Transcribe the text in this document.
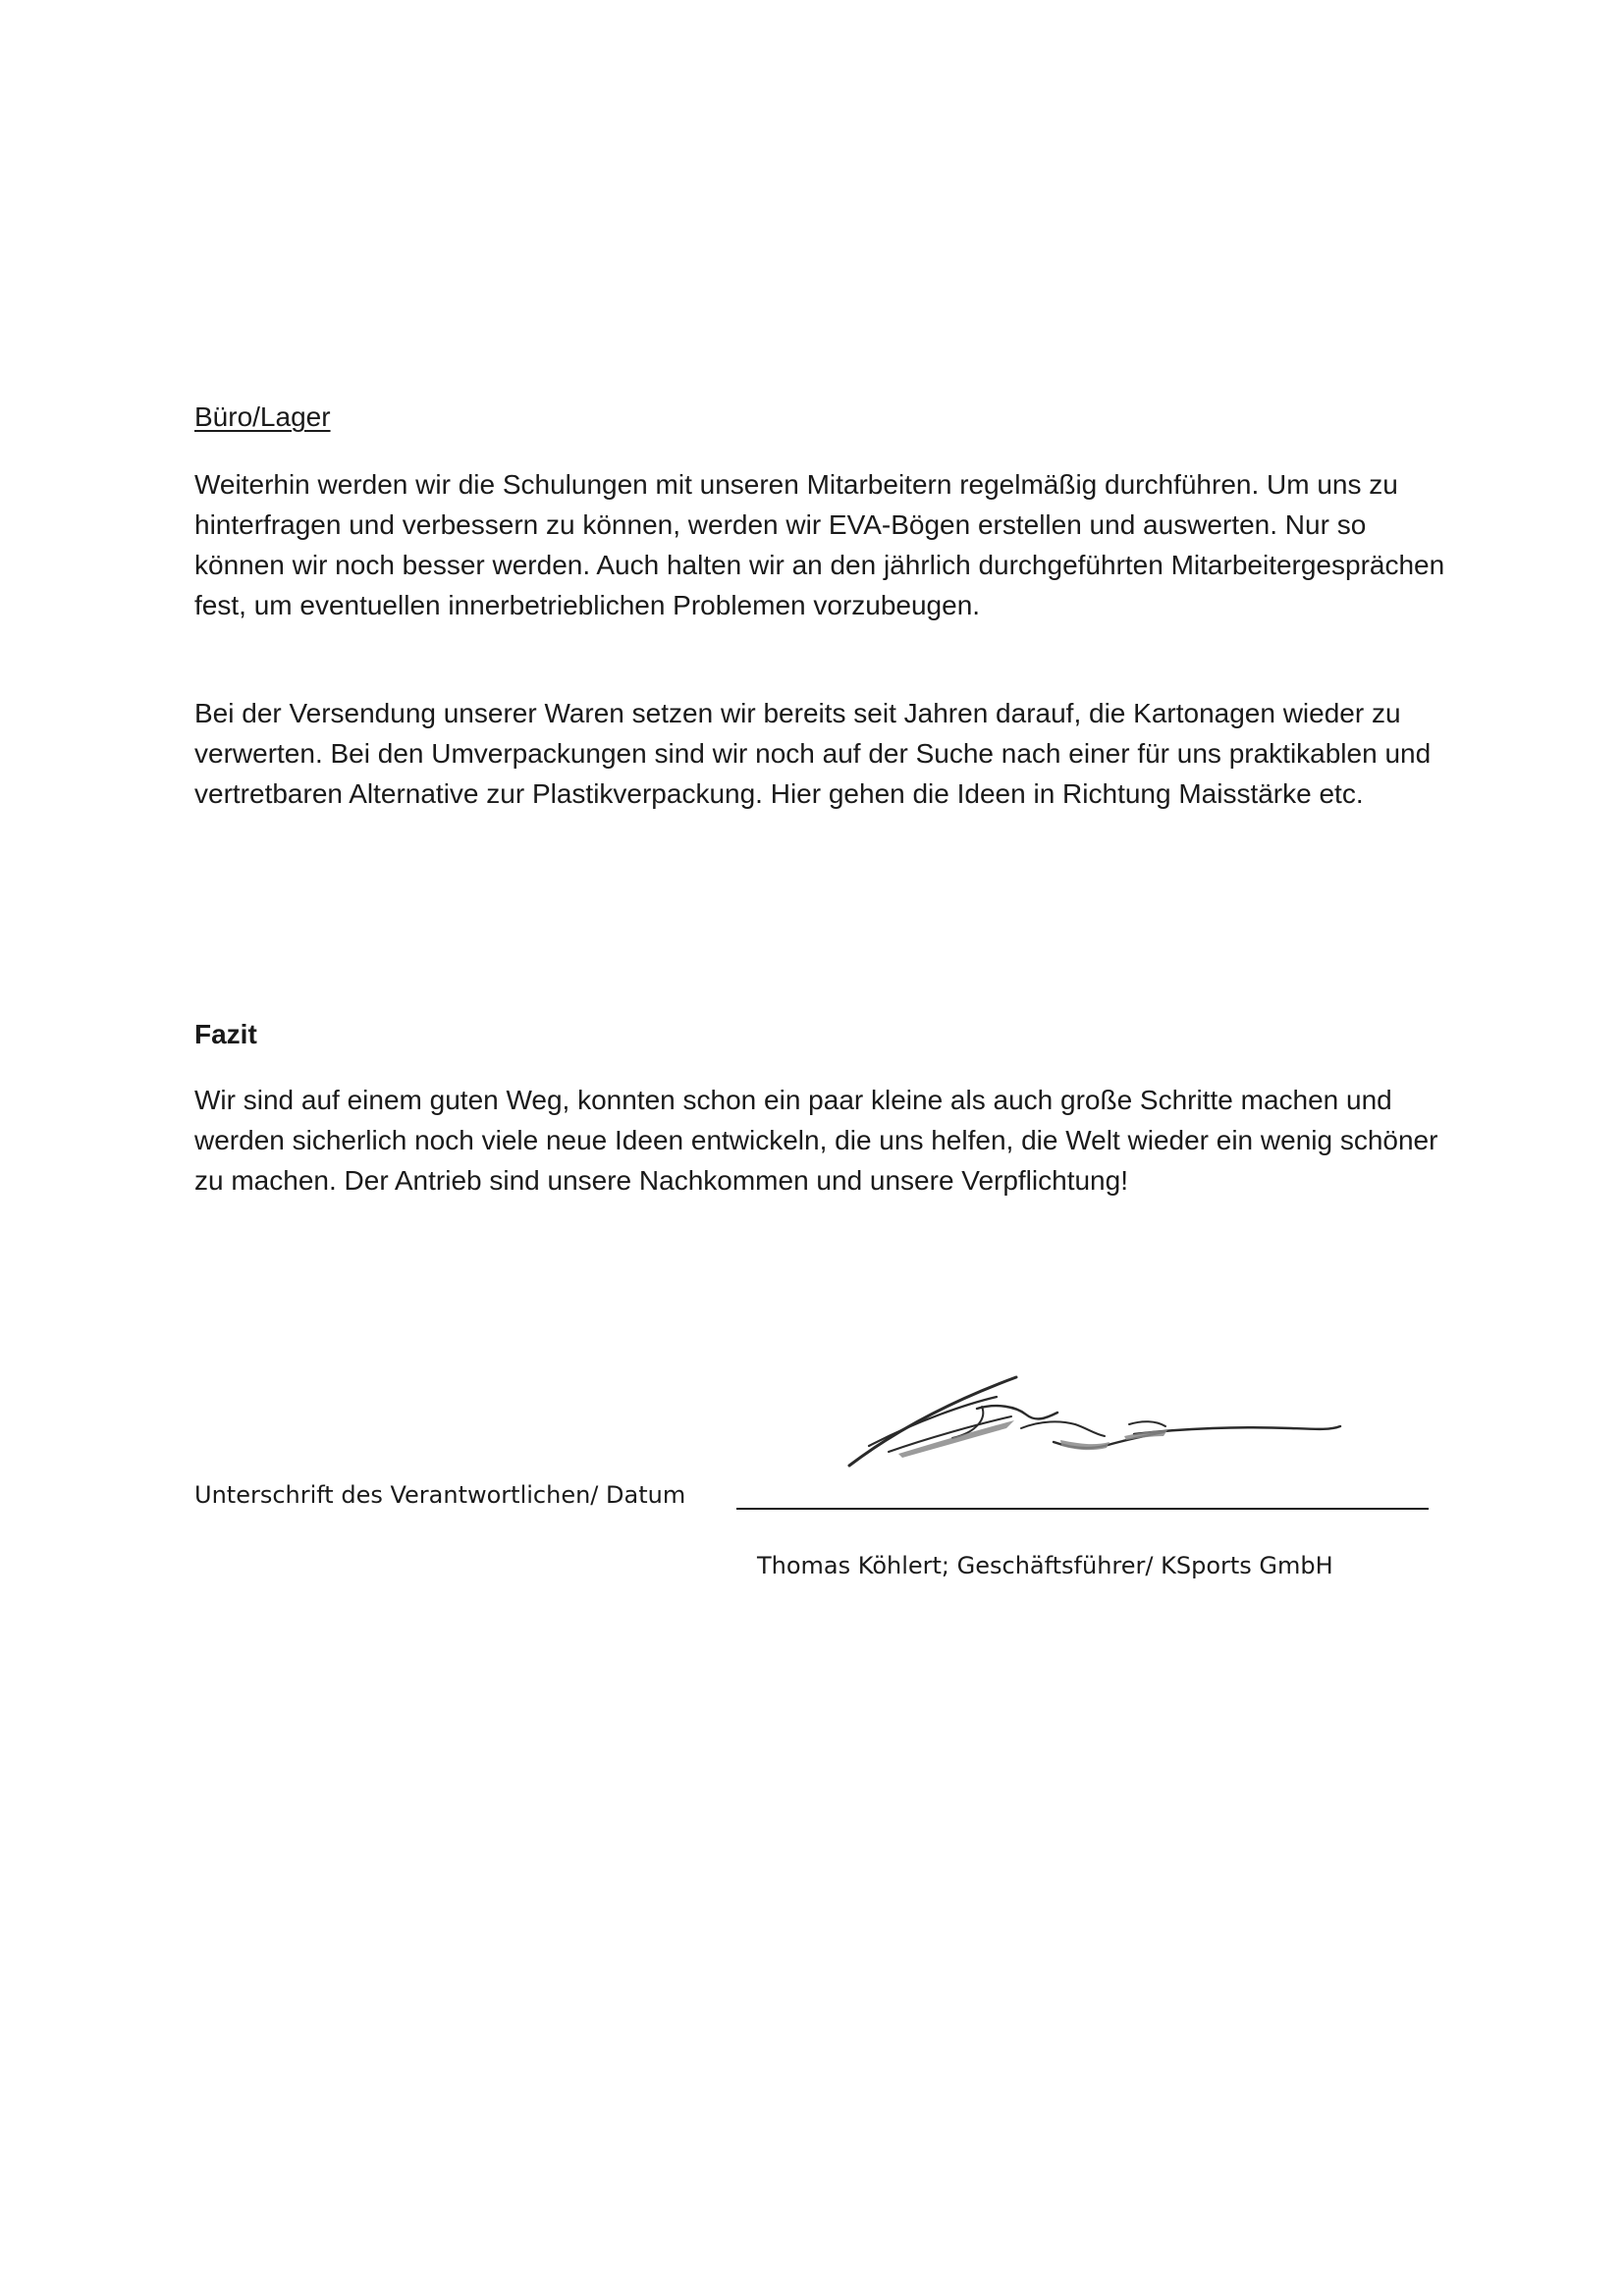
Büro/Lager

Weiterhin werden wir die Schulungen mit unseren Mitarbeitern regelmäßig durchführen. Um uns zu hinterfragen und verbessern zu können, werden wir EVA-Bögen erstellen und auswerten. Nur so können wir noch besser werden. Auch halten wir an den jährlich durchgeführten Mitarbeitergesprächen fest, um eventuellen innerbetrieblichen Problemen vorzubeugen.

Bei der Versendung unserer Waren setzen wir bereits seit Jahren darauf, die Kartonagen wieder zu verwerten. Bei den Umverpackungen sind wir noch auf der Suche nach einer für uns praktikablen und vertretbaren Alternative zur Plastikverpackung. Hier gehen die Ideen in Richtung Maisstärke etc.

Fazit

Wir sind auf einem guten Weg, konnten schon ein paar kleine als auch große Schritte machen und werden sicherlich noch viele neue Ideen entwickeln, die uns helfen, die Welt wieder ein wenig schöner zu machen. Der Antrieb sind unsere Nachkommen und unsere Verpflichtung!

Unterschrift des Verantwortlichen/ Datum
Thomas Köhlert; Geschäftsführer/ KSports GmbH
